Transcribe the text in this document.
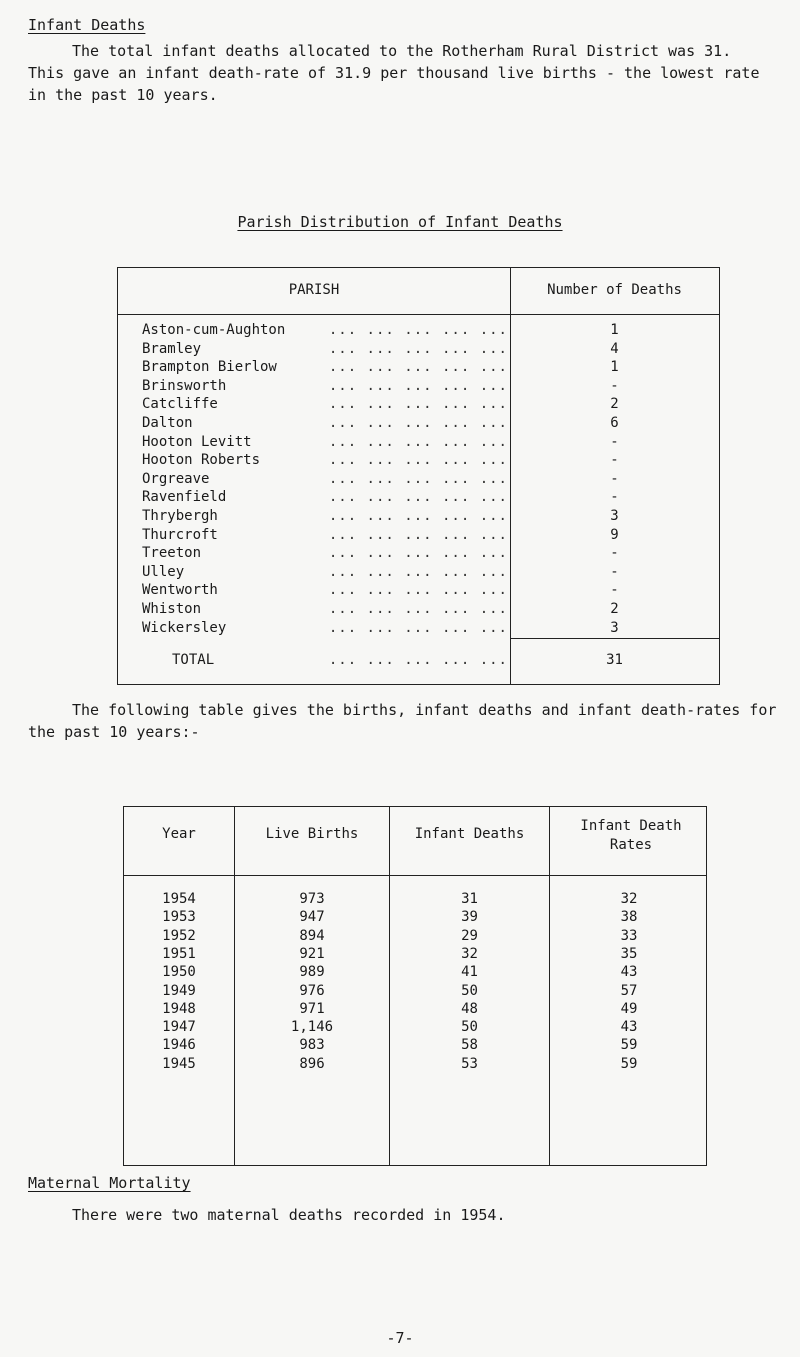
Infant Deaths

The total infant deaths allocated to the Rotherham Rural District was 31. This gave an infant death-rate of 31.9 per thousand live births - the lowest rate in the past 10 years.

Parish Distribution of Infant Deaths
PARISH	Number of Deaths
Aston-cum-Aughton	... ... ... ... ...	1
Bramley	... ... ... ... ...	4
Brampton Bierlow	... ... ... ... ...	1
Brinsworth	... ... ... ... ...	-
Catcliffe	... ... ... ... ...	2
Dalton	... ... ... ... ...	6
Hooton Levitt	... ... ... ... ...	-
Hooton Roberts	... ... ... ... ...	-
Orgreave	... ... ... ... ...	-
Ravenfield	... ... ... ... ...	-
Thrybergh	... ... ... ... ...	3
Thurcroft	... ... ... ... ...	9
Treeton	... ... ... ... ...	-
Ulley	... ... ... ... ...	-
Wentworth	... ... ... ... ...	-
Whiston	... ... ... ... ...	2
Wickersley	... ... ... ... ...	3
TOTAL	... ... ... ... ...	31

The following table gives the births, infant deaths and infant death-rates for the past 10 years:-

Year	Live Births	Infant Deaths	Infant Death Rates
1954	973	31	32
1953	947	39	38
1952	894	29	33
1951	921	32	35
1950	989	41	43
1949	976	50	57
1948	971	48	49
1947	1,146	50	43
1946	983	58	59
1945	896	53	59
Maternal Mortality

There were two maternal deaths recorded in 1954.

-7-
